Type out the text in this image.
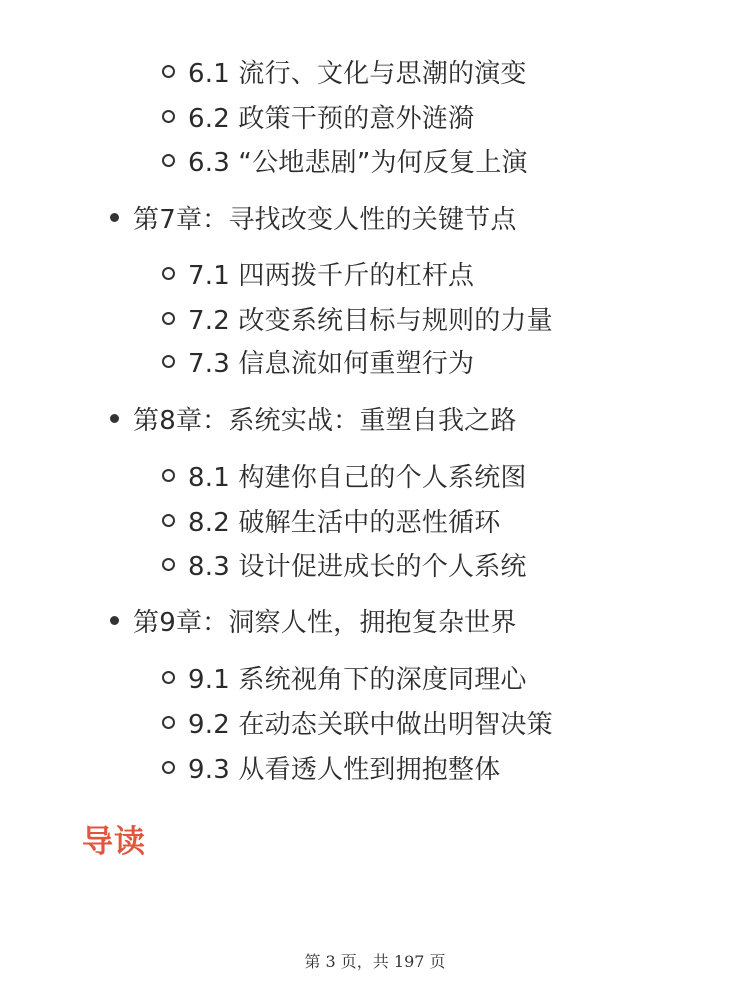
6.1 流行、文化与思潮的演变
6.2 政策干预的意外涟漪
6.3 “公地悲剧”为何反复上演
第7章：寻找改变人性的关键节点
7.1 四两拨千斤的杠杆点
7.2 改变系统目标与规则的力量
7.3 信息流如何重塑行为
第8章：系统实战：重塑自我之路
8.1 构建你自己的个人系统图
8.2 破解生活中的恶性循环
8.3 设计促进成长的个人系统
第9章：洞察人性，拥抱复杂世界
9.1 系统视角下的深度同理心
9.2 在动态关联中做出明智决策
9.3 从看透人性到拥抱整体
导读
第 3 页，共 197 页
